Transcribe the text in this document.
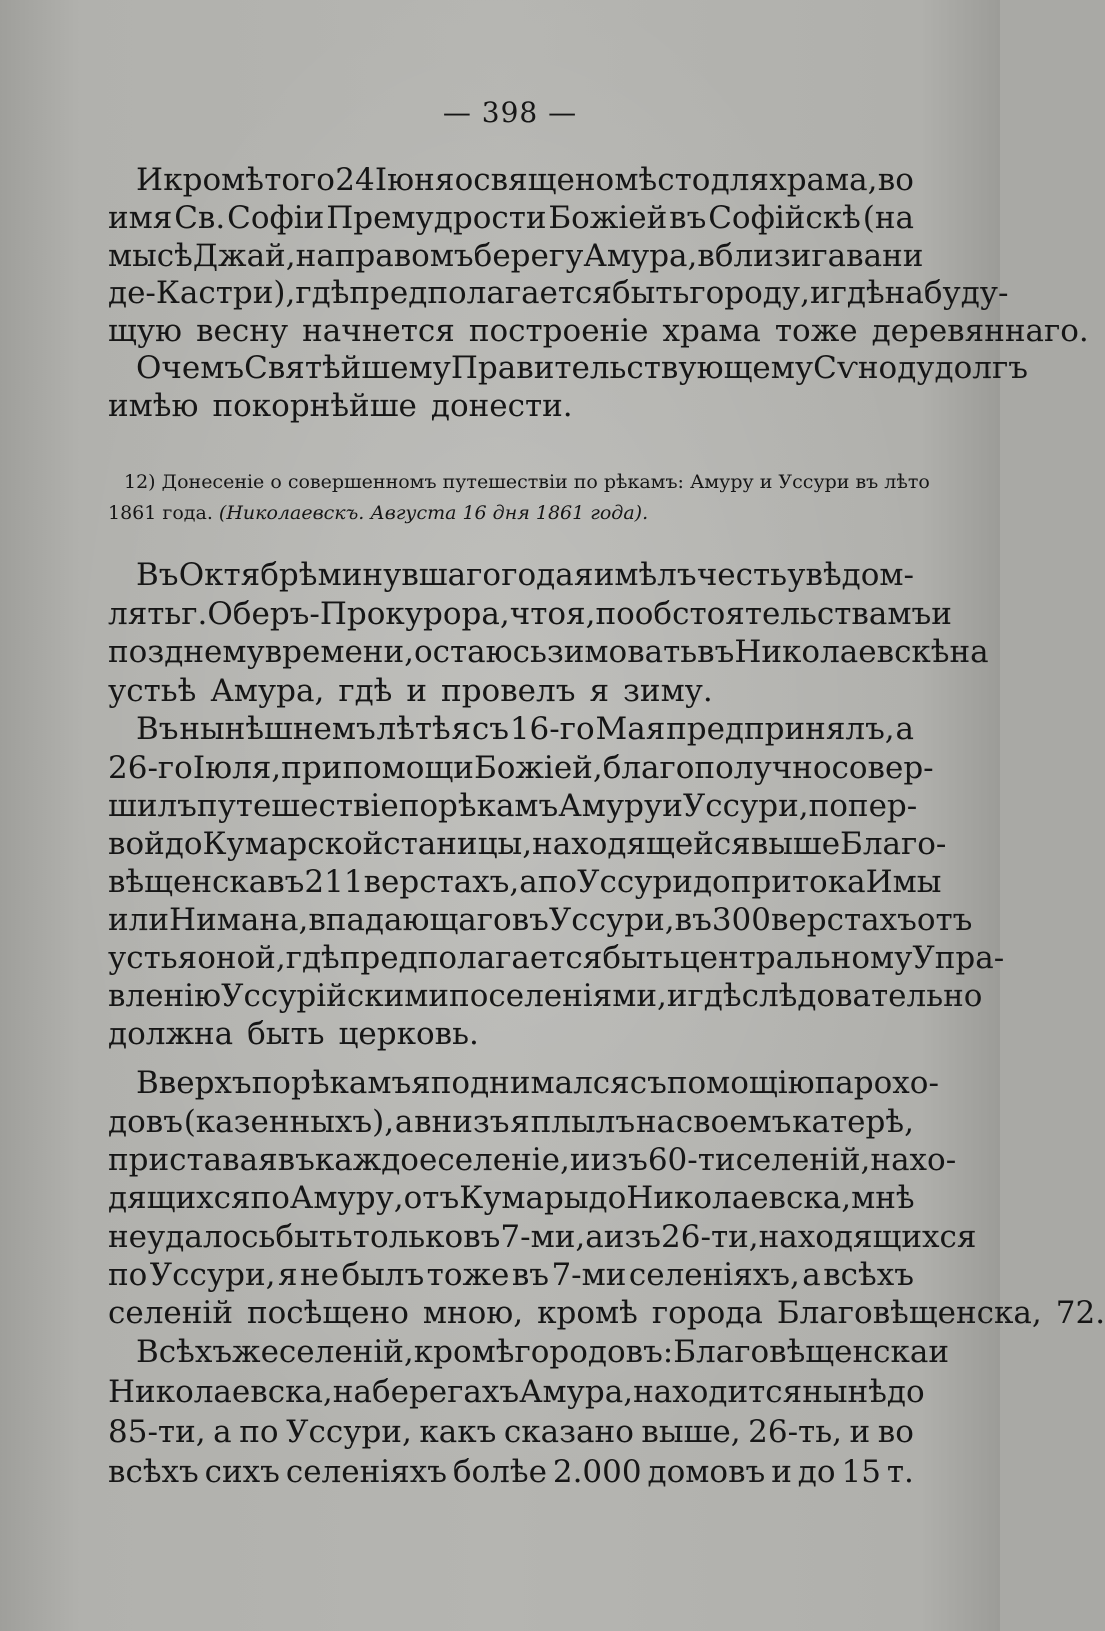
— 398 —
И кромѣ того 24 Іюня освящено мѣсто для храма, во
имя Св. Софіи Премудрости Божіей въ Софійскѣ (на
мысѣ Джай, на правомъ берегу Амура, вблизи гавани
де-Кастри), гдѣ предполагается быть городу, и гдѣ на буду-
щую весну начнется построеніе храма тоже деревяннаго.
О чемъ Святѣйшему Правительствующему Сѵноду долгъ
имѣю покорнѣйше донести.
12) Донесеніе о совершенномъ путешествіи по рѣкамъ: Амуру и Уссури въ лѣто
1861 года. (Николаевскъ. Августа 16 дня 1861 года).
Въ Октябрѣ минувшаго года я имѣлъ честь увѣдом-
лять г. Оберъ-Прокурора, что я, по обстоятельствамъ и
позднему времени, остаюсь зимовать въ Николаевскѣ на
устьѣ Амура, гдѣ и провелъ я зиму.
Въ нынѣшнемъ лѣтѣ я съ 16-го Мая предпринялъ, а
26-го Іюля, при помощи Божіей, благополучно совер-
шилъ путешествіе по рѣкамъ Амуру и Уссури, по пер-
вой до Кумарской станицы, находящейся выше Благо-
вѣщенска въ 211 верстахъ, а по Уссури до притока Имы
или Нимана, впадающаго въ Уссури, въ 300 верстахъ отъ
устья оной, гдѣ предполагается быть центральному Упра-
вленію Уссурійскими поселеніями, и гдѣ слѣдовательно
должна быть церковь.
Вверхъ по рѣкамъ я поднимался съ помощію парохо-
довъ (казенныхъ), а внизъ я плылъ на своемъ катерѣ,
приставая въ каждое селеніе, и изъ 60-ти селеній, нахо-
дящихся по Амуру, отъ Кумары до Николаевска, мнѣ
не удалось быть только въ 7-ми, а изъ 26-ти, находящихся
по Уссури, я не былъ тоже въ 7-ми селеніяхъ, а всѣхъ
селеній посѣщено мною, кромѣ города Благовѣщенска, 72.
Всѣхъ же селеній, кромѣ городовъ: Благовѣщенска и
Николаевска, на берегахъ Амура, находится нынѣ до
85-ти, а по Уссури, какъ сказано выше, 26-ть, и во
всѣхъ сихъ селеніяхъ болѣе 2.000 домовъ и до 15 т.
